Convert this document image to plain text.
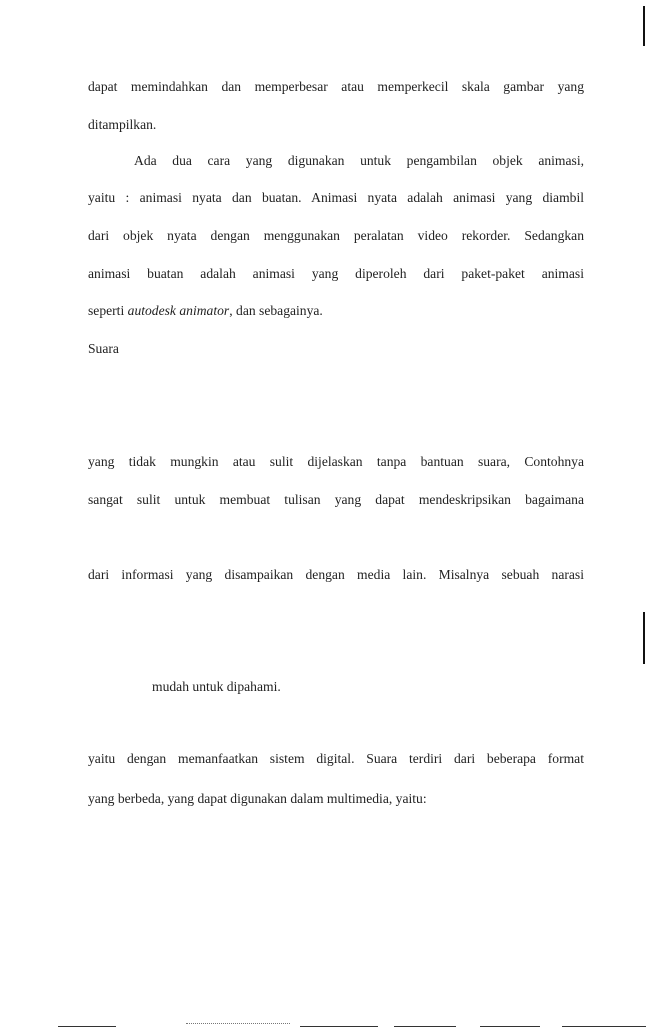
dapat memindahkan dan memperbesar atau memperkecil skala gambar yang
ditampilkan.
Ada dua cara yang digunakan untuk pengambilan objek animasi,
yaitu : animasi nyata dan buatan. Animasi nyata adalah animasi yang diambil
dari objek nyata dengan menggunakan peralatan video rekorder. Sedangkan
animasi buatan adalah animasi yang diperoleh dari paket-paket animasi
seperti autodesk animator, dan sebagainya.
Suara
yang tidak mungkin atau sulit dijelaskan tanpa bantuan suara, Contohnya
sangat sulit untuk membuat tulisan yang dapat mendeskripsikan bagaimana
dari informasi yang disampaikan dengan media lain. Misalnya sebuah narasi
mudah untuk dipahami.
yaitu dengan memanfaatkan sistem digital. Suara terdiri dari beberapa format
yang berbeda, yang dapat digunakan dalam multimedia, yaitu:
